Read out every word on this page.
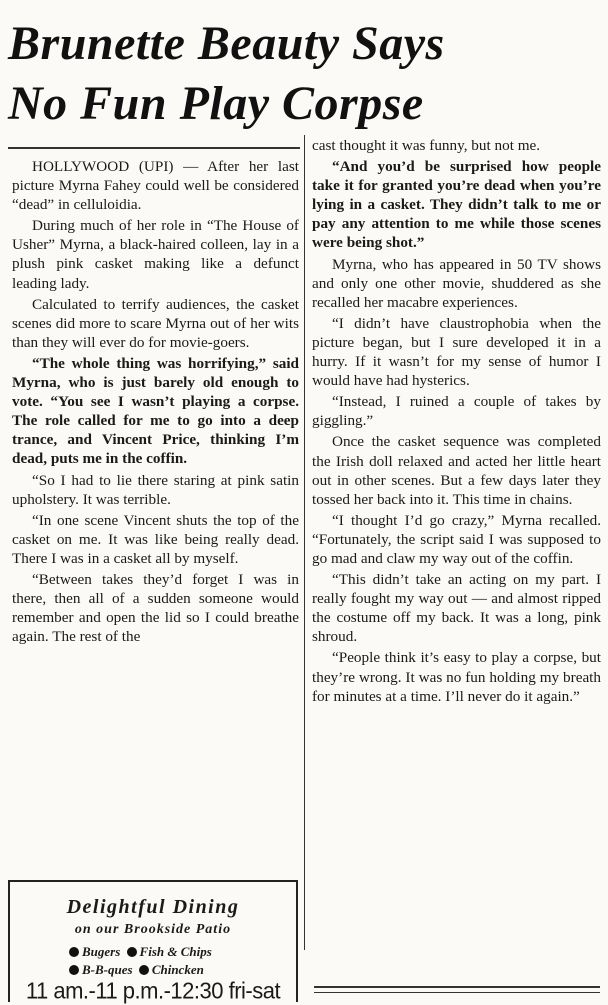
Brunette Beauty Says
No Fun Play Corpse

HOLLYWOOD (UPI) — After her last picture Myrna Fahey could well be considered “dead” in celluloidia.

During much of her role in “The House of Usher” Myrna, a black-haired colleen, lay in a plush pink casket making like a defunct leading lady.

Calculated to terrify audiences, the casket scenes did more to scare Myrna out of her wits than they will ever do for movie-goers.

“The whole thing was horrifying,” said Myrna, who is just barely old enough to vote. “You see I wasn’t playing a corpse. The role called for me to go into a deep trance, and Vincent Price, thinking I’m dead, puts me in the coffin.

“So I had to lie there staring at pink satin upholstery. It was terrible.

“In one scene Vincent shuts the top of the casket on me. It was like being really dead. There I was in a casket all by myself.

“Between takes they’d forget I was in there, then all of a sudden someone would remember and open the lid so I could breathe again. The rest of the

cast thought it was funny, but not me.

“And you’d be surprised how people take it for granted you’re dead when you’re lying in a casket. They didn’t talk to me or pay any attention to me while those scenes were being shot.”

Myrna, who has appeared in 50 TV shows and only one other movie, shuddered as she recalled her macabre experiences.

“I didn’t have claustrophobia when the picture began, but I sure developed it in a hurry. If it wasn’t for my sense of humor I would have had hysterics.

“Instead, I ruined a couple of takes by giggling.”

Once the casket sequence was completed the Irish doll relaxed and acted her little heart out in other scenes. But a few days later they tossed her back into it. This time in chains.

“I thought I’d go crazy,” Myrna recalled. “Fortunately, the script said I was supposed to go mad and claw my way out of the coffin.

“This didn’t take an acting on my part. I really fought my way out — and almost ripped the costume off my back. It was a long, pink shroud.

“People think it’s easy to play a corpse, but they’re wrong. It was no fun holding my breath for minutes at a time. I’ll never do it again.”

Delightful Dining
on our Brookside Patio
Bugers Fish & Chips
B-B-ques Chincken
11 am.-11 p.m.-12:30 fri-sat
